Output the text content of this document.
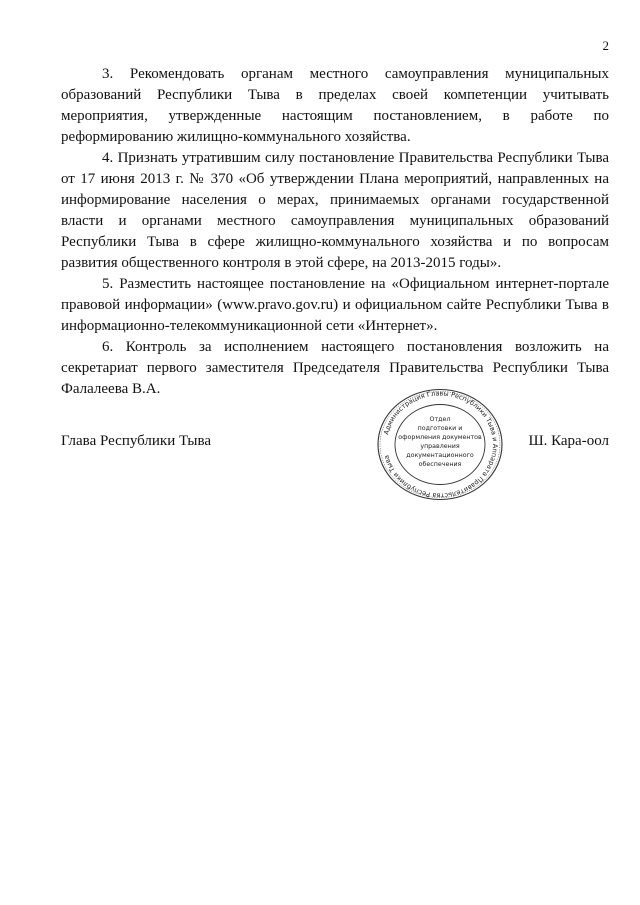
2

3. Рекомендовать органам местного самоуправления муниципальных образований Республики Тыва в пределах своей компетенции учитывать мероприятия, утвержденные настоящим постановлением, в работе по реформированию жилищно-коммунального хозяйства.

4. Признать утратившим силу постановление Правительства Республики Тыва от 17 июня 2013 г. № 370 «Об утверждении Плана мероприятий, направленных на информирование населения о мерах, принимаемых органами государственной власти и органами местного самоуправления муниципальных образований Республики Тыва в сфере жилищно-коммунального хозяйства и по вопросам развития общественного контроля в этой сфере, на 2013-2015 годы».

5. Разместить настоящее постановление на «Официальном интернет-портале правовой информации» (www.pravo.gov.ru) и официальном сайте Республики Тыва в информационно-телекоммуникационной сети «Интернет».

6. Контроль за исполнением настоящего постановления возложить на секретариат первого заместителя Председателя Правительства Республики Тыва Фалалеева В.А.

Глава Республики Тыва	Ш. Кара-оол
Администрация Главы Республики Тыва и Аппарата Правительства Республики Тыва
Отдел
подготовки и
оформления документов
управления
документационного
обеспечения
